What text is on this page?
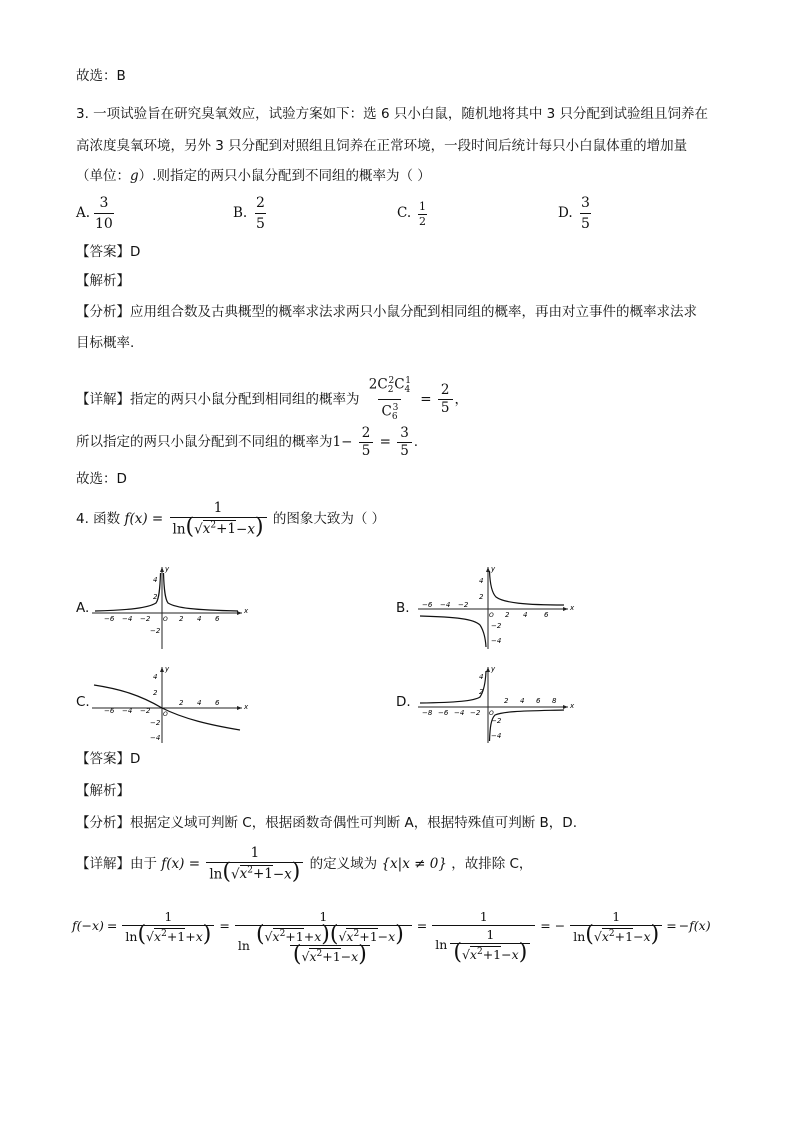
故选：B
3. 一项试验旨在研究臭氧效应，试验方案如下：选 6 只小白鼠，随机地将其中 3 只分配到试验组且饲养在
高浓度臭氧环境，另外 3 只分配到对照组且饲养在正常环境，一段时间后统计每只小白鼠体重的增加量
（单位：g）.则指定的两只小鼠分配到不同组的概率为（ ）
A. $\frac{3}{10}$	B. $\frac{2}{5}$	C. $\frac{1}{2}$	D. $\frac{3}{5}$
【答案】D
【解析】
【分析】应用组合数及古典概型的概率求法求两只小鼠分配到相同组的概率，再由对立事件的概率求法求
目标概率.
【详解】指定的两只小鼠分配到相同组的概率为 $\frac{2C_2^2C_4^1}{C_6^3} = \frac{2}{5}$ ，
所以指定的两只小鼠分配到不同组的概率为$1- \frac{2}{5} = \frac{3}{5}$ .
故选：D
4. 函数 $f(x) = \frac{1}{\ln(√x^2+1-x)}$ 的图象大致为（ ）
A.	B.
C.	D.
x
y
O
−6 −4 −2	2 4 6
4
2
−2
x
y
O
−6 −4 −2
2 4 6
4
2
−2
−4
x
y
O
−6 −4 −2
2 4 6
4
2
−2
−4
x
y
O
−8 −6 −4 −2
2 4 6 8
4
2
−2
−4
【答案】D
【解析】
【分析】根据定义域可判断 C，根据函数奇偶性可判断 A，根据特殊值可判断 B，D.
【详解】由于 $f(x) = \frac{1}{\ln(√x^2+1-x)}$ 的定义域为 {x|x ≠ 0} ，故排除 C，
$f(-x) = \frac{1}{\ln(√x^2+1+x)} = \frac{1}{\ln \frac{(√x^2+1+x)(√x^2+1-x)}{(√x^2+1-x)}} = \frac{1}{\ln \frac{1}{(√x^2+1-x)}}$ = − $\frac{1}{\ln(√x^2+1-x)} = -f(x)$
